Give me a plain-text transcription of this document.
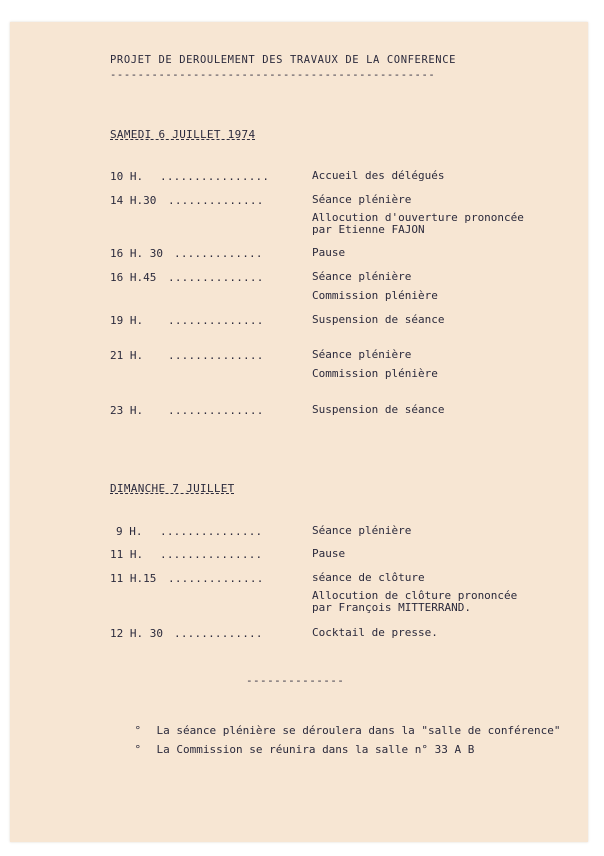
PROJET DE DEROULEMENT DES TRAVAUX DE LA CONFERENCE
-----------------------------------------------
SAMEDI 6 JUILLET 1974
10 H. ................	Accueil des délégués
14 H.30 ..............	Séance plénière
Allocution d'ouverture prononcée
par Etienne FAJON
16 H. 30 .............	Pause
16 H.45 ..............	Séance plénière
Commission plénière
19 H. ..............	Suspension de séance
21 H. ..............	Séance plénière
Commission plénière
23 H. ..............	Suspension de séance
DIMANCHE 7 JUILLET
9 H. ...............	Séance plénière
11 H. ...............	Pause
11 H.15 ..............	séance de clôture
Allocution de clôture prononcée
par François MITTERRAND.
12 H. 30 .............	Cocktail de presse.
--------------

° La séance plénière se déroulera dans la "salle de conférence"

° La Commission se réunira dans la salle n° 33 A B
